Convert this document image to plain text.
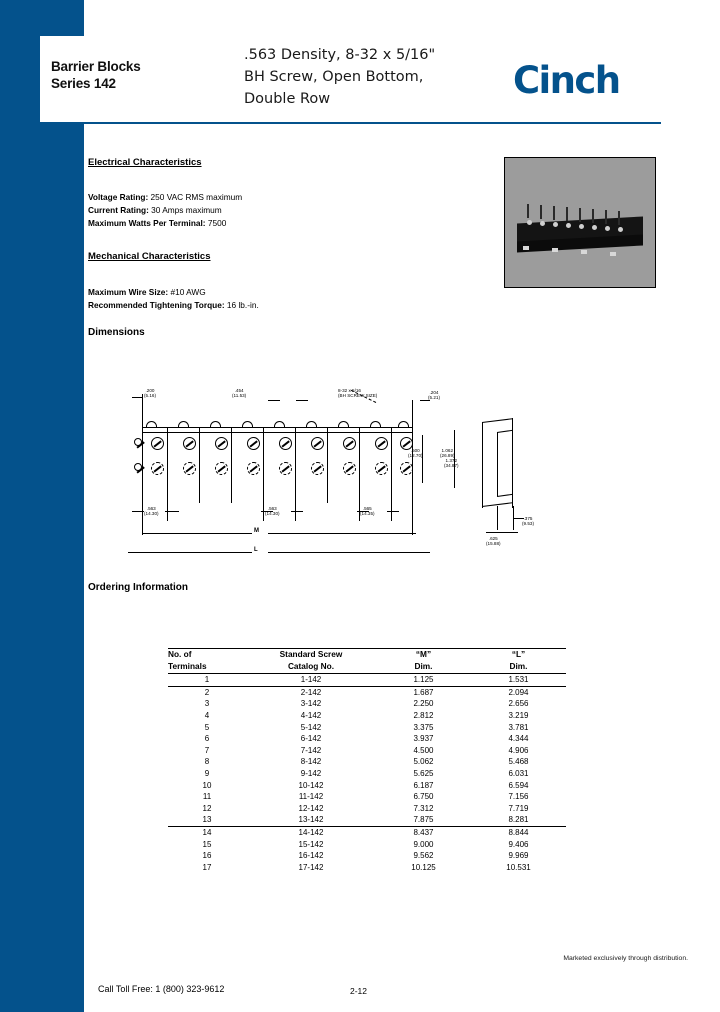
Barrier Blocks
Series 142
.563 Density, 8-32 x 5/16"
BH Screw, Open Bottom,
Double Row	Cinch
Electrical Characteristics
Voltage Rating: 250 VAC RMS maximum
Current Rating: 30 Amps maximum
Maximum Watts Per Terminal: 7500
Mechanical Characteristics
Maximum Wire Size: #10 AWG
Recommended Tightening Torque: 16 lb.-in.
Dimensions
.200
(5.16)
.454
(11.53)
8-32 x 5/16
(BH SCREW SIZE)
.204
(5.21)
.500
(12.70)
1.062
(26.89)
.563
(14.30)
.563
(14.30)
.565
(14.35)
M
L
1.372
(34.87)
.375
(9.53)
.625
(15.88)
Ordering Information
No. of	Standard Screw	“M”	“L”
Terminals	Catalog No.	Dim.	Dim.
1	1-142	1.125	1.531
2	2-142	1.687	2.094
3	3-142	2.250	2.656
4	4-142	2.812	3.219
5	5-142	3.375	3.781
6	6-142	3.937	4.344
7	7-142	4.500	4.906
8	8-142	5.062	5.468
9	9-142	5.625	6.031
10	10-142	6.187	6.594
11	11-142	6.750	7.156
12	12-142	7.312	7.719
13	13-142	7.875	8.281
14	14-142	8.437	8.844
15	15-142	9.000	9.406
16	16-142	9.562	9.969
17	17-142	10.125	10.531
Marketed exclusively through distribution.
Call Toll Free: 1 (800) 323-9612	2-12
